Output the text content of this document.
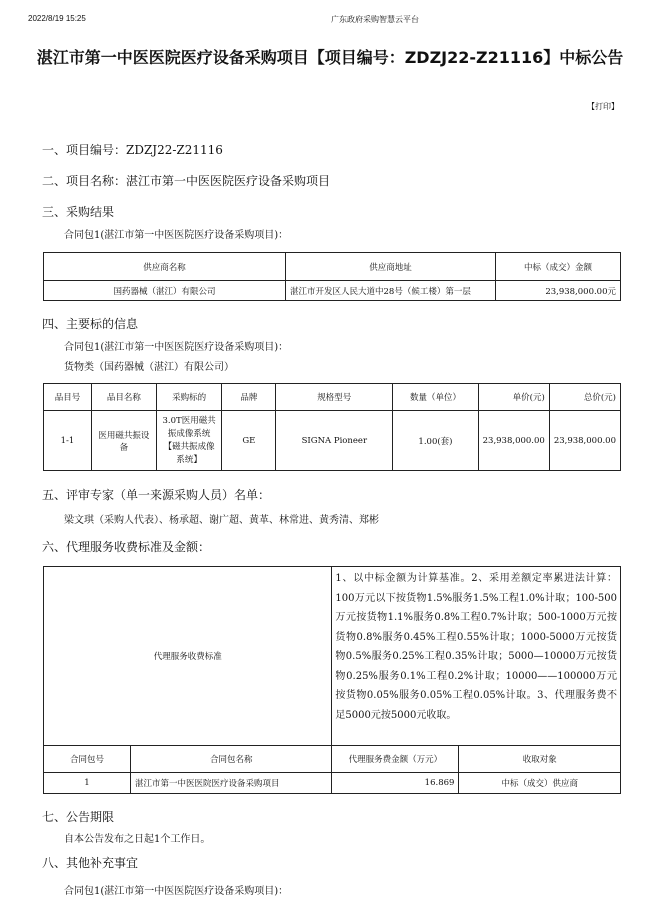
2022/8/19 15:25	广东政府采购智慧云平台
湛江市第一中医医院医疗设备采购项目【项目编号：ZDZJ22-Z21116】中标公告
【打印】
一、项目编号：ZDZJ22-Z21116
二、项目名称：湛江市第一中医医院医疗设备采购项目
三、采购结果
合同包1(湛江市第一中医医院医疗设备采购项目)：
供应商名称	供应商地址	中标（成交）金额
国药器械（湛江）有限公司	湛江市开发区人民大道中28号（候工楼）第一层	23,938,000.00元
四、主要标的信息
合同包1(湛江市第一中医医院医疗设备采购项目)：
货物类（国药器械（湛江）有限公司）
品目号	品目名称	采购标的	品牌	规格型号	数量（单位）	单价(元)	总价(元)
1-1	医用磁共振设备	3.0T医用磁共振成像系统【磁共振成像系统】	GE	SIGNA Pioneer	1.00(套)	23,938,000.00	23,938,000.00
五、评审专家（单一来源采购人员）名单：
梁文琪（采购人代表）、杨承超、谢广超、黄革、林常进、黄秀清、郑彬
六、代理服务收费标准及金额：
代理服务收费标准		1、以中标金额为计算基准。2、采用差额定率累进法计算：100万元以下按货物1.5%服务1.5%工程1.0%计取；100-500万元按货物1.1%服务0.8%工程0.7%计取；500-1000万元按货物0.8%服务0.45%工程0.55%计取；1000-5000万元按货物0.5%服务0.25%工程0.35%计取；5000—10000万元按货物0.25%服务0.1%工程0.2%计取；10000——100000万元按货物0.05%服务0.05%工程0.05%计取。3、代理服务费不足5000元按5000元收取。	
合同包号	合同包名称	代理服务费金额（万元）	收取对象
1	湛江市第一中医医院医疗设备采购项目	16.869	中标（成交）供应商
七、公告期限
自本公告发布之日起1个工作日。
八、其他补充事宜
合同包1(湛江市第一中医医院医疗设备采购项目)：
